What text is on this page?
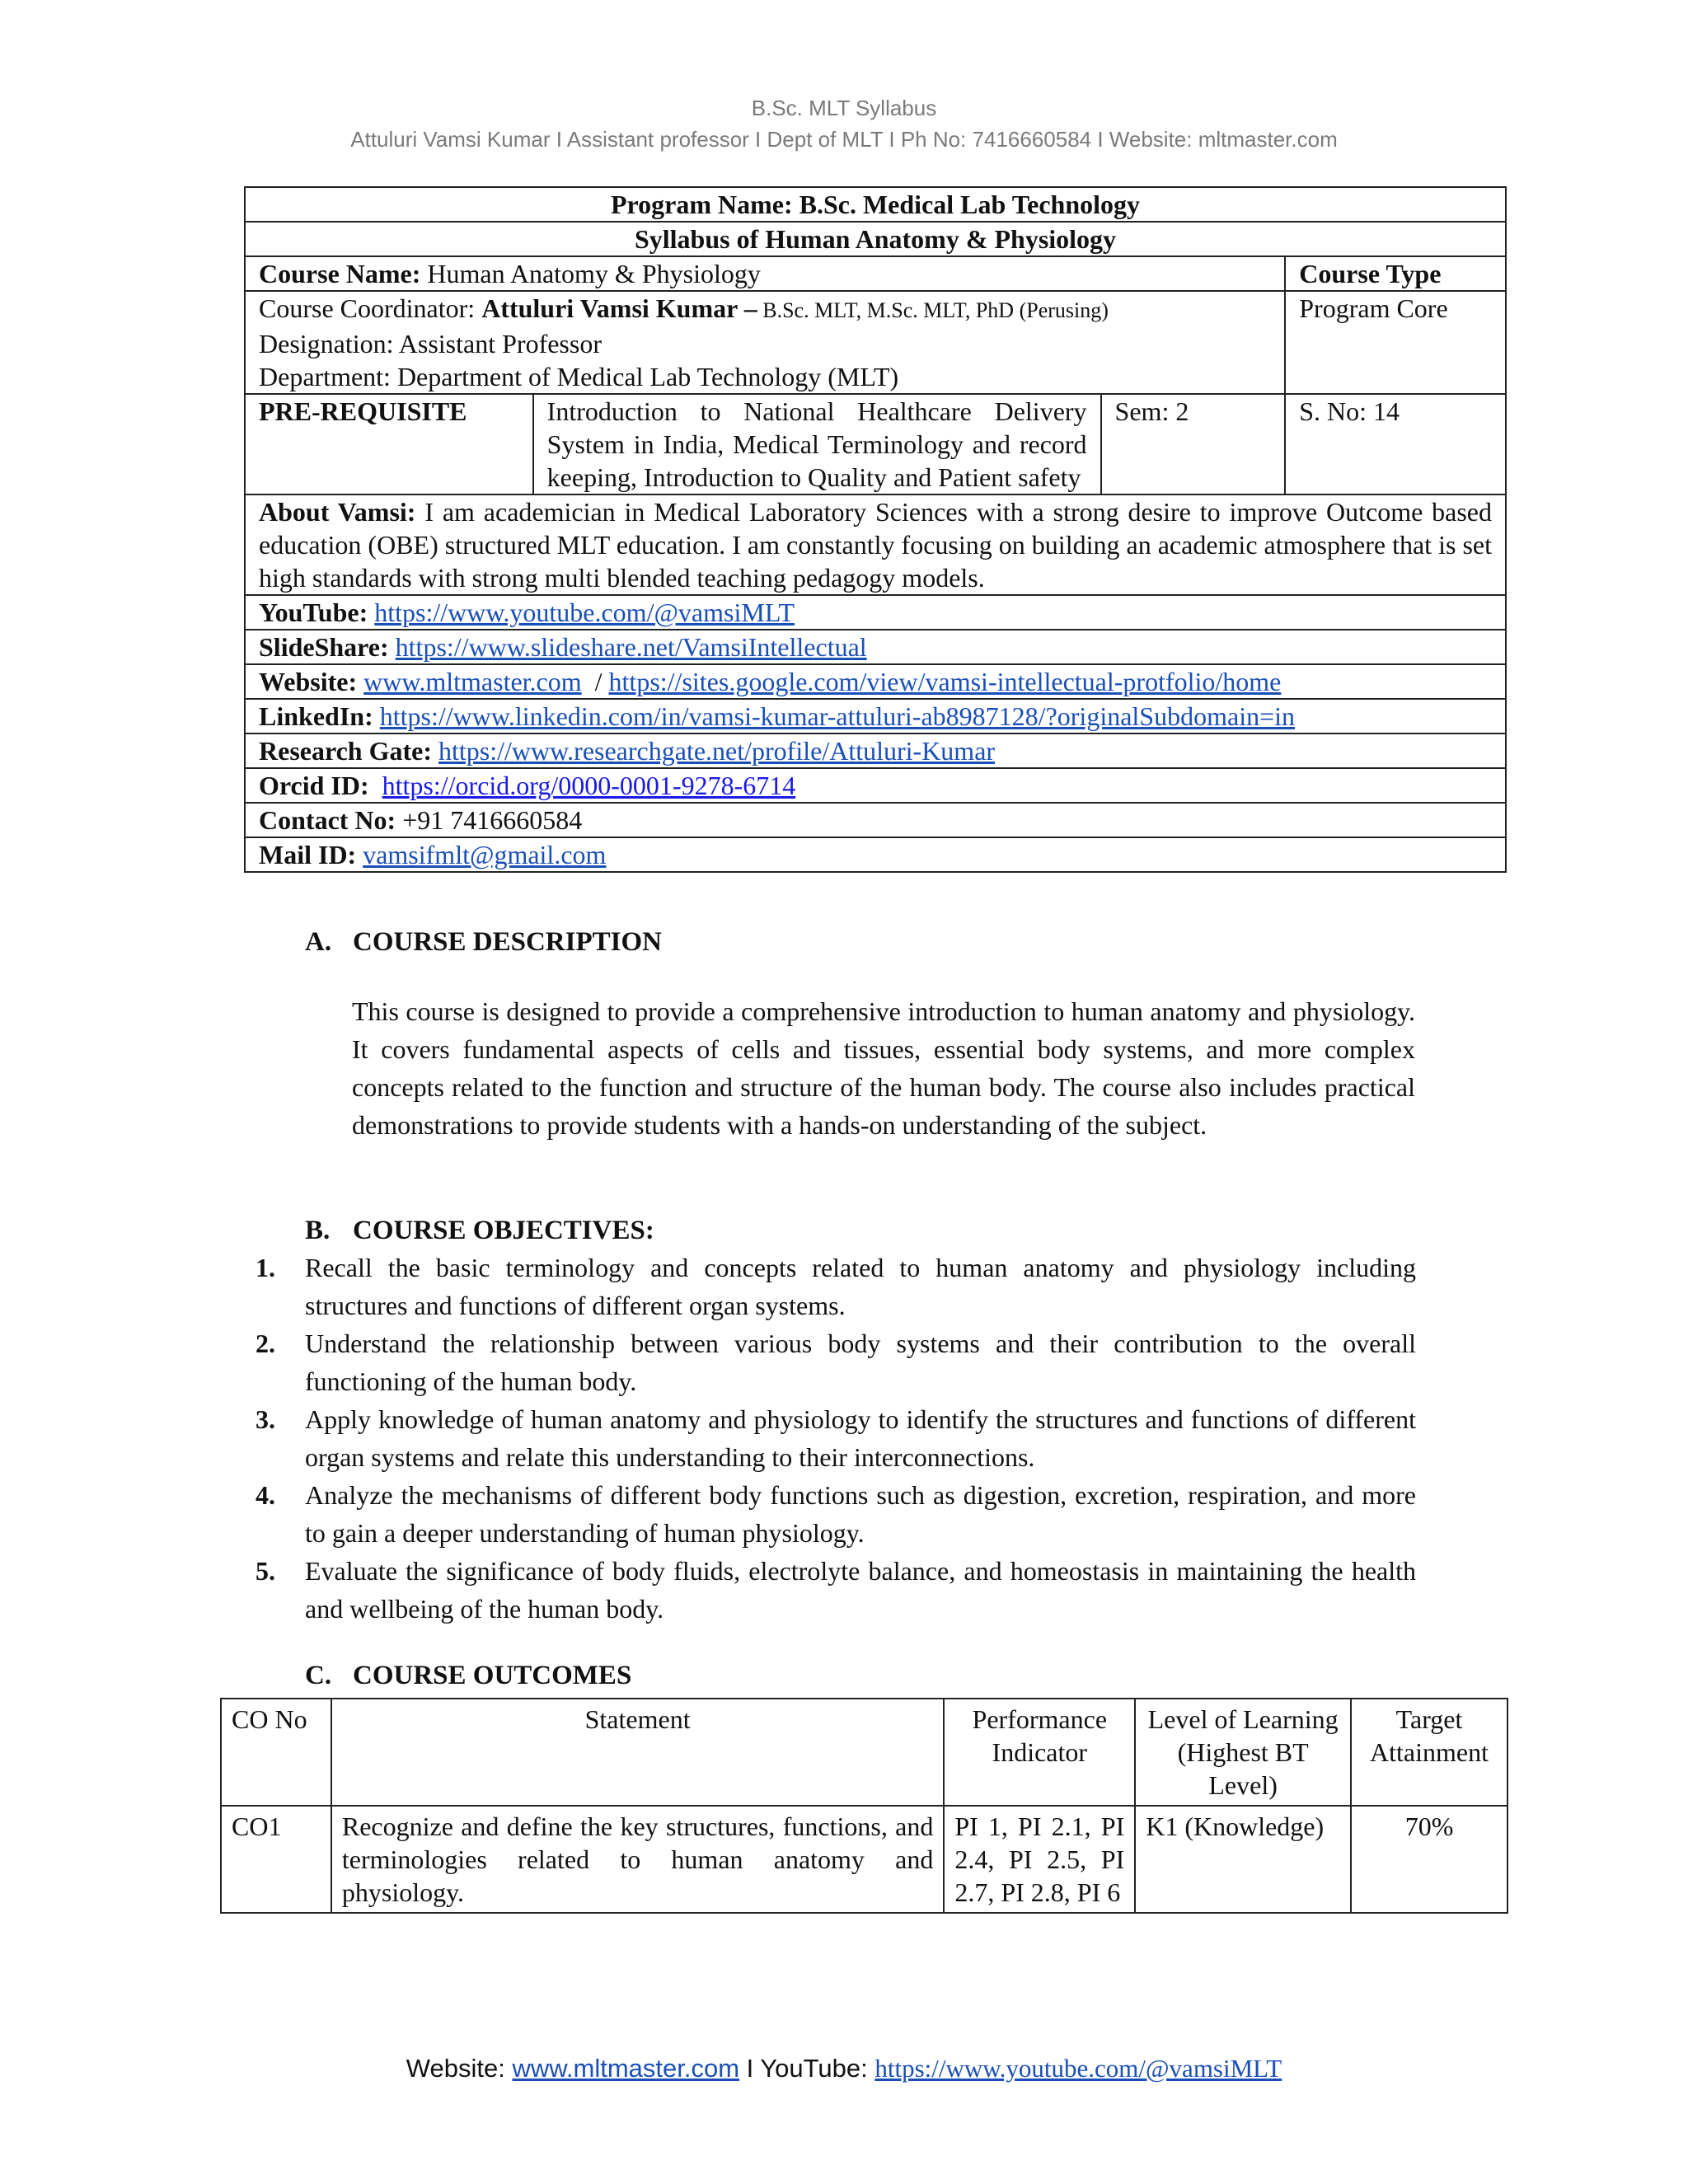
B.Sc. MLT Syllabus
Attuluri Vamsi Kumar I Assistant professor I Dept of MLT I Ph No: 7416660584 I Website: mltmaster.com
Program Name: B.Sc. Medical Lab Technology			
Syllabus of Human Anatomy & Physiology			
Course Name: Human Anatomy & Physiology			Course Type

Course Coordinator: Attuluri Vamsi Kumar – B.Sc. MLT, M.Sc. MLT, PhD (Perusing)
Designation: Assistant Professor
Department: Department of Medical Lab Technology (MLT)			Program Core
PRE-REQUISITE	Introduction to National Healthcare Delivery System in India, Medical Terminology and record keeping, Introduction to Quality and Patient safety	Sem: 2	S. No: 14
About Vamsi: I am academician in Medical Laboratory Sciences with a strong desire to improve Outcome based education (OBE) structured MLT education. I am constantly focusing on building an academic atmosphere that is set high standards with strong multi blended teaching pedagogy models.			
YouTube: https://www.youtube.com/@vamsiMLT			
SlideShare: https://www.slideshare.net/VamsiIntellectual			
Website: www.mltmaster.com  / https://sites.google.com/view/vamsi-intellectual-protfolio/home			
LinkedIn: https://www.linkedin.com/in/vamsi-kumar-attuluri-ab8987128/?originalSubdomain=in			
Research Gate: https://www.researchgate.net/profile/Attuluri-Kumar			
Orcid ID: https://orcid.org/0000-0001-9278-6714			
Contact No: +91 7416660584			
Mail ID: vamsifmlt@gmail.com			
A. COURSE DESCRIPTION

This course is designed to provide a comprehensive introduction to human anatomy and physiology. It covers fundamental aspects of cells and tissues, essential body systems, and more complex concepts related to the function and structure of the human body. The course also includes practical demonstrations to provide students with a hands-on understanding of the subject.

B. COURSE OBJECTIVES:
1. Recall the basic terminology and concepts related to human anatomy and physiology including structures and functions of different organ systems.
2. Understand the relationship between various body systems and their contribution to the overall functioning of the human body.
3. Apply knowledge of human anatomy and physiology to identify the structures and functions of different organ systems and relate this understanding to their interconnections.
4. Analyze the mechanisms of different body functions such as digestion, excretion, respiration, and more to gain a deeper understanding of human physiology.
5. Evaluate the significance of body fluids, electrolyte balance, and homeostasis in maintaining the health and wellbeing of the human body.
C. COURSE OUTCOMES
CO No	Statement	Performance Indicator	Level of Learning (Highest BT Level)	Target Attainment
CO1	Recognize and define the key structures, functions, and terminologies related to human anatomy and physiology.	PI 1, PI 2.1, PI 2.4, PI 2.5, PI 2.7, PI 2.8, PI 6	K1 (Knowledge)	70%
Website: www.mltmaster.com I YouTube: https://www.youtube.com/@vamsiMLT
